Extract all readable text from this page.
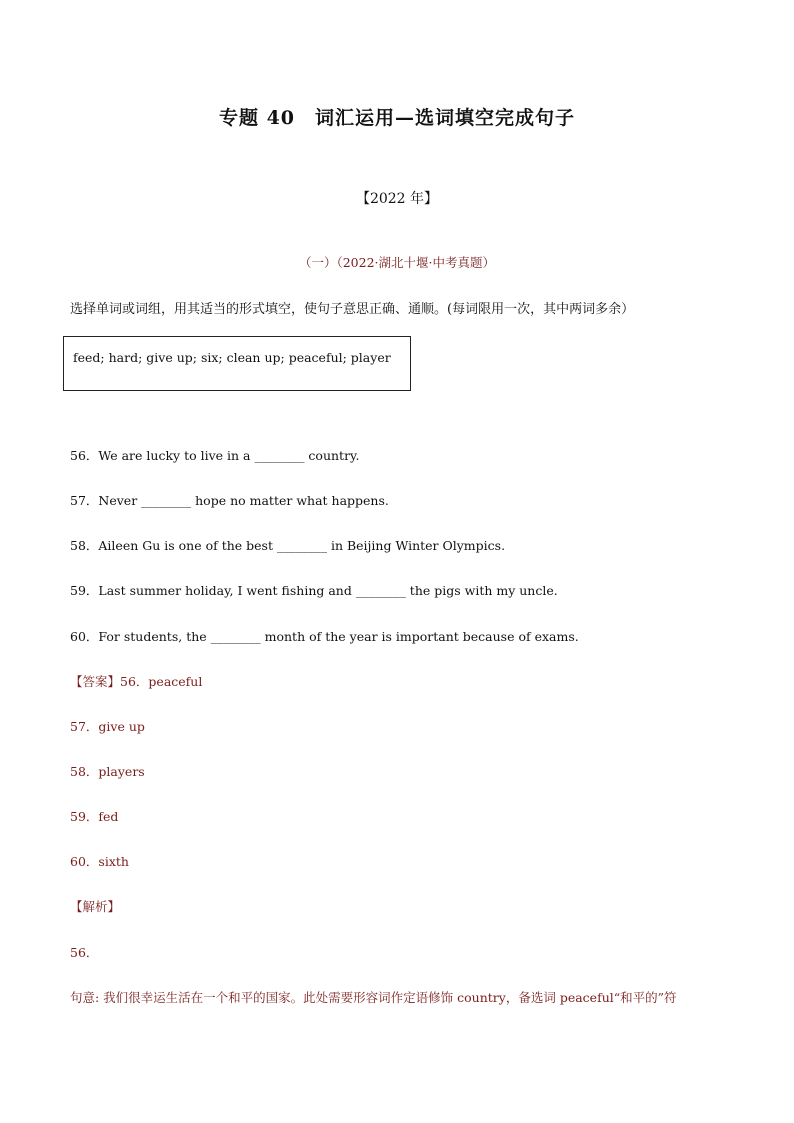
专题 40　词汇运用—选词填空完成句子
【2022 年】
（一）（2022·湖北十堰·中考真题）
选择单词或词组，用其适当的形式填空，使句子意思正确、通顺。(每词限用一次，其中两词多余）
feed; hard; give up; six; clean up; peaceful; player
56．We are lucky to live in a ________ country.
57．Never ________ hope no matter what happens.
58．Aileen Gu is one of the best ________ in Beijing Winter Olympics.
59．Last summer holiday, I went fishing and ________ the pigs with my uncle.
60．For students, the ________ month of the year is important because of exams.
【答案】56．peaceful
57．give up
58．players
59．fed
60．sixth
【解析】
56．
句意: 我们很幸运生活在一个和平的国家。此处需要形容词作定语修饰 country，备选词 peaceful“和平的”符
